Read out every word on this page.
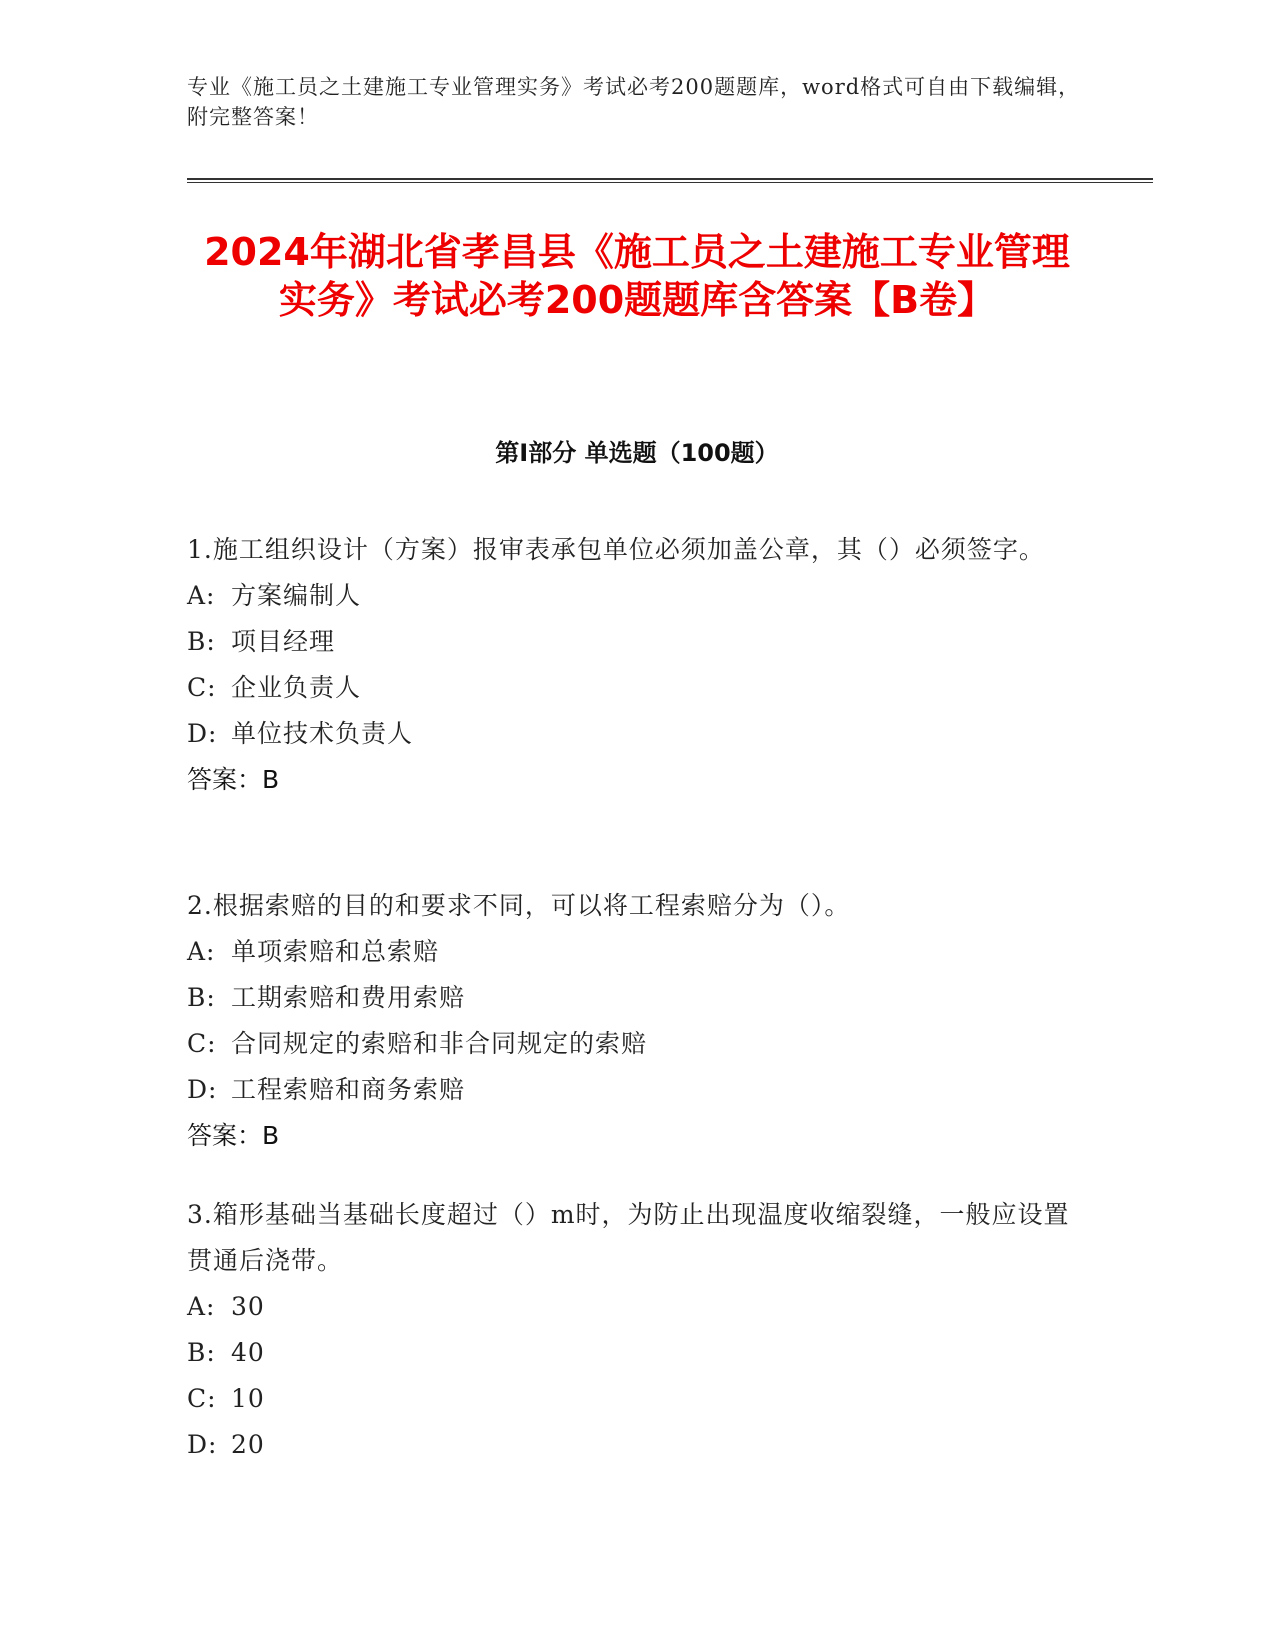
专业《施工员之土建施工专业管理实务》考试必考200题题库，word格式可自由下载编辑，附完整答案！
2024年湖北省孝昌县《施工员之土建施工专业管理实务》考试必考200题题库含答案【B卷】
第Ⅰ部分 单选题（100题）

1.施工组织设计（方案）报审表承包单位必须加盖公章，其（）必须签字。

A: 方案编制人

B: 项目经理

C: 企业负责人

D: 单位技术负责人

答案：B

2.根据索赔的目的和要求不同，可以将工程索赔分为（）。

A: 单项索赔和总索赔

B: 工期索赔和费用索赔

C: 合同规定的索赔和非合同规定的索赔

D: 工程索赔和商务索赔

答案：B

3.箱形基础当基础长度超过（）m时，为防止出现温度收缩裂缝，一般应设置贯通后浇带。

A: 30

B: 40

C: 10

D: 20
